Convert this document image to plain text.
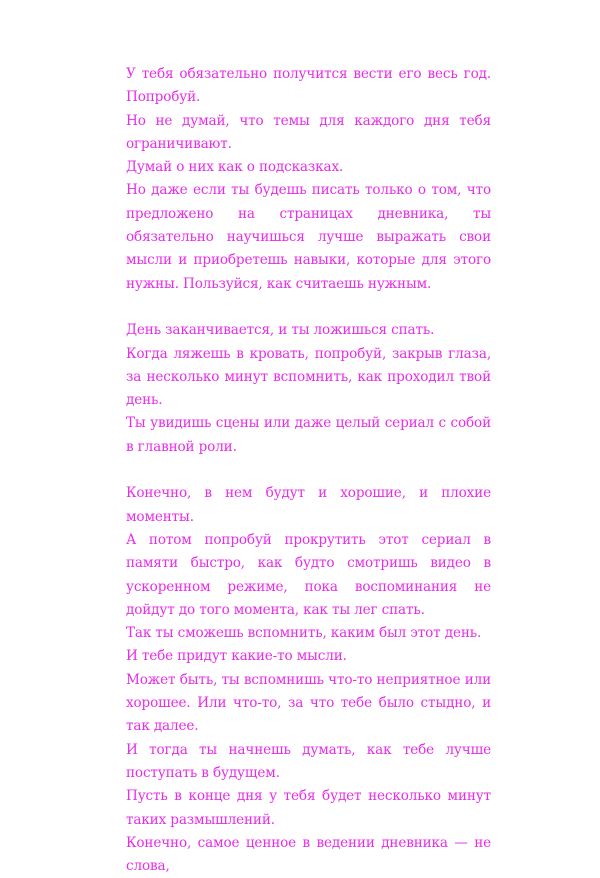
У тебя обязательно получится вести его весь год. Попробуй.

Но не думай, что темы для каждого дня тебя ограничивают.

Думай о них как о подсказках.

Но даже если ты будешь писать только о том, что предложено на страницах дневника, ты обязательно научишься лучше выражать свои мысли и приобретешь навыки, которые для этого нужны. Пользуйся, как считаешь нужным.

День заканчивается, и ты ложишься спать.

Когда ляжешь в кровать, попробуй, закрыв глаза, за несколько минут вспомнить, как проходил твой день.

Ты увидишь сцены или даже целый сериал с собой в главной роли.

Конечно, в нем будут и хорошие, и плохие моменты.

А потом попробуй прокрутить этот сериал в памяти быстро, как будто смотришь видео в ускоренном режиме, пока воспоминания не дойдут до того момента, как ты лег спать.

Так ты сможешь вспомнить, каким был этот день.

И тебе придут какие-то мысли.

Может быть, ты вспомнишь что-то неприятное или хорошее. Или что-то, за что тебе было стыдно, и так далее.

И тогда ты начнешь думать, как тебе лучше поступать в будущем.

Пусть в конце дня у тебя будет несколько минут таких размышлений.

Конечно, самое ценное в ведении дневника — не слова,
